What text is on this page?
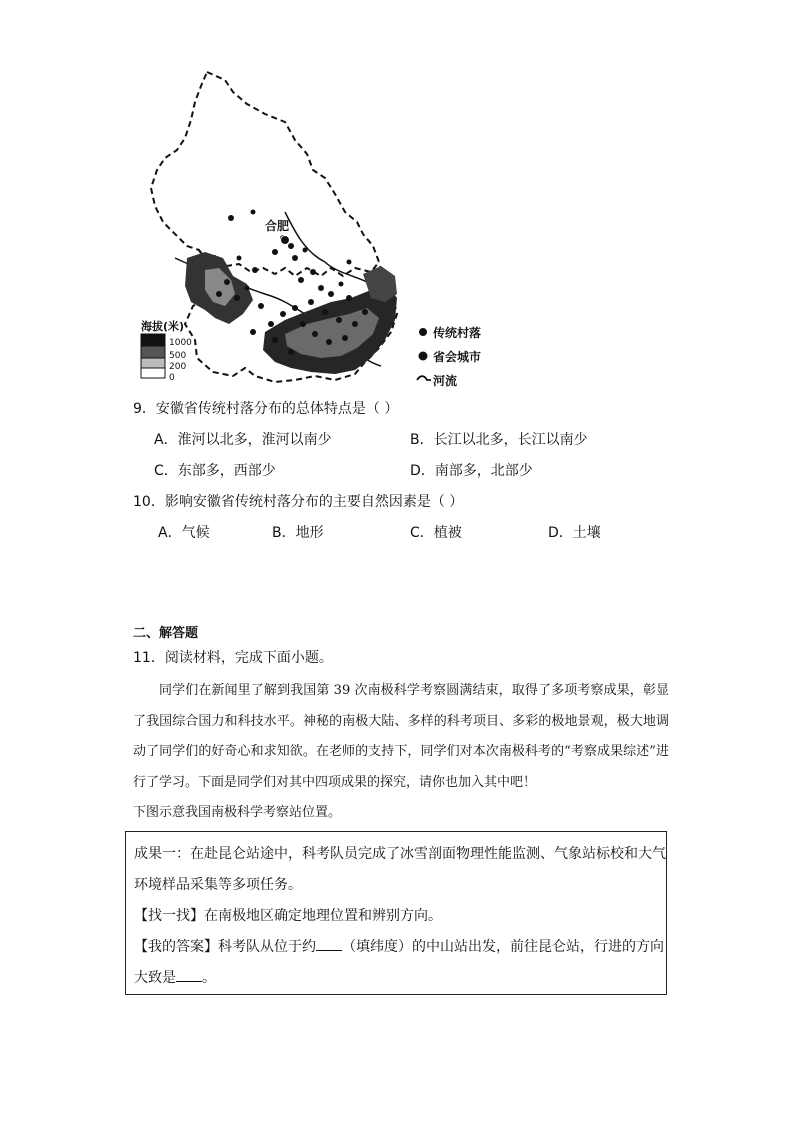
合肥
海拔(米)
1000
500
200
0
传统村落
省会城市
河流
9．安徽省传统村落分布的总体特点是（ ）
A．淮河以北多，淮河以南少	B．长江以北多，长江以南少
C．东部多，西部少	D．南部多，北部少
10．影响安徽省传统村落分布的主要自然因素是（ ）
A．气候	B．地形	C．植被	D．土壤
二、解答题
11．阅读材料，完成下面小题。

同学们在新闻里了解到我国第 39 次南极科学考察圆满结束，取得了多项考察成果，彰显了我国综合国力和科技水平。神秘的南极大陆、多样的科考项目、多彩的极地景观，极大地调动了同学们的好奇心和求知欲。在老师的支持下，同学们对本次南极科考的“考察成果综述”进行了学习。下面是同学们对其中四项成果的探究，请你也加入其中吧！

下图示意我国南极科学考察站位置。

成果一：在赴昆仑站途中，科考队员完成了冰雪剖面物理性能监测、气象站标校和大气
环境样品采集等多项任务。
【找一找】在南极地区确定地理位置和辨别方向。
【我的答案】科考队从位于约 （填纬度）的中山站出发，前往昆仑站，行进的方向
大致是 。
